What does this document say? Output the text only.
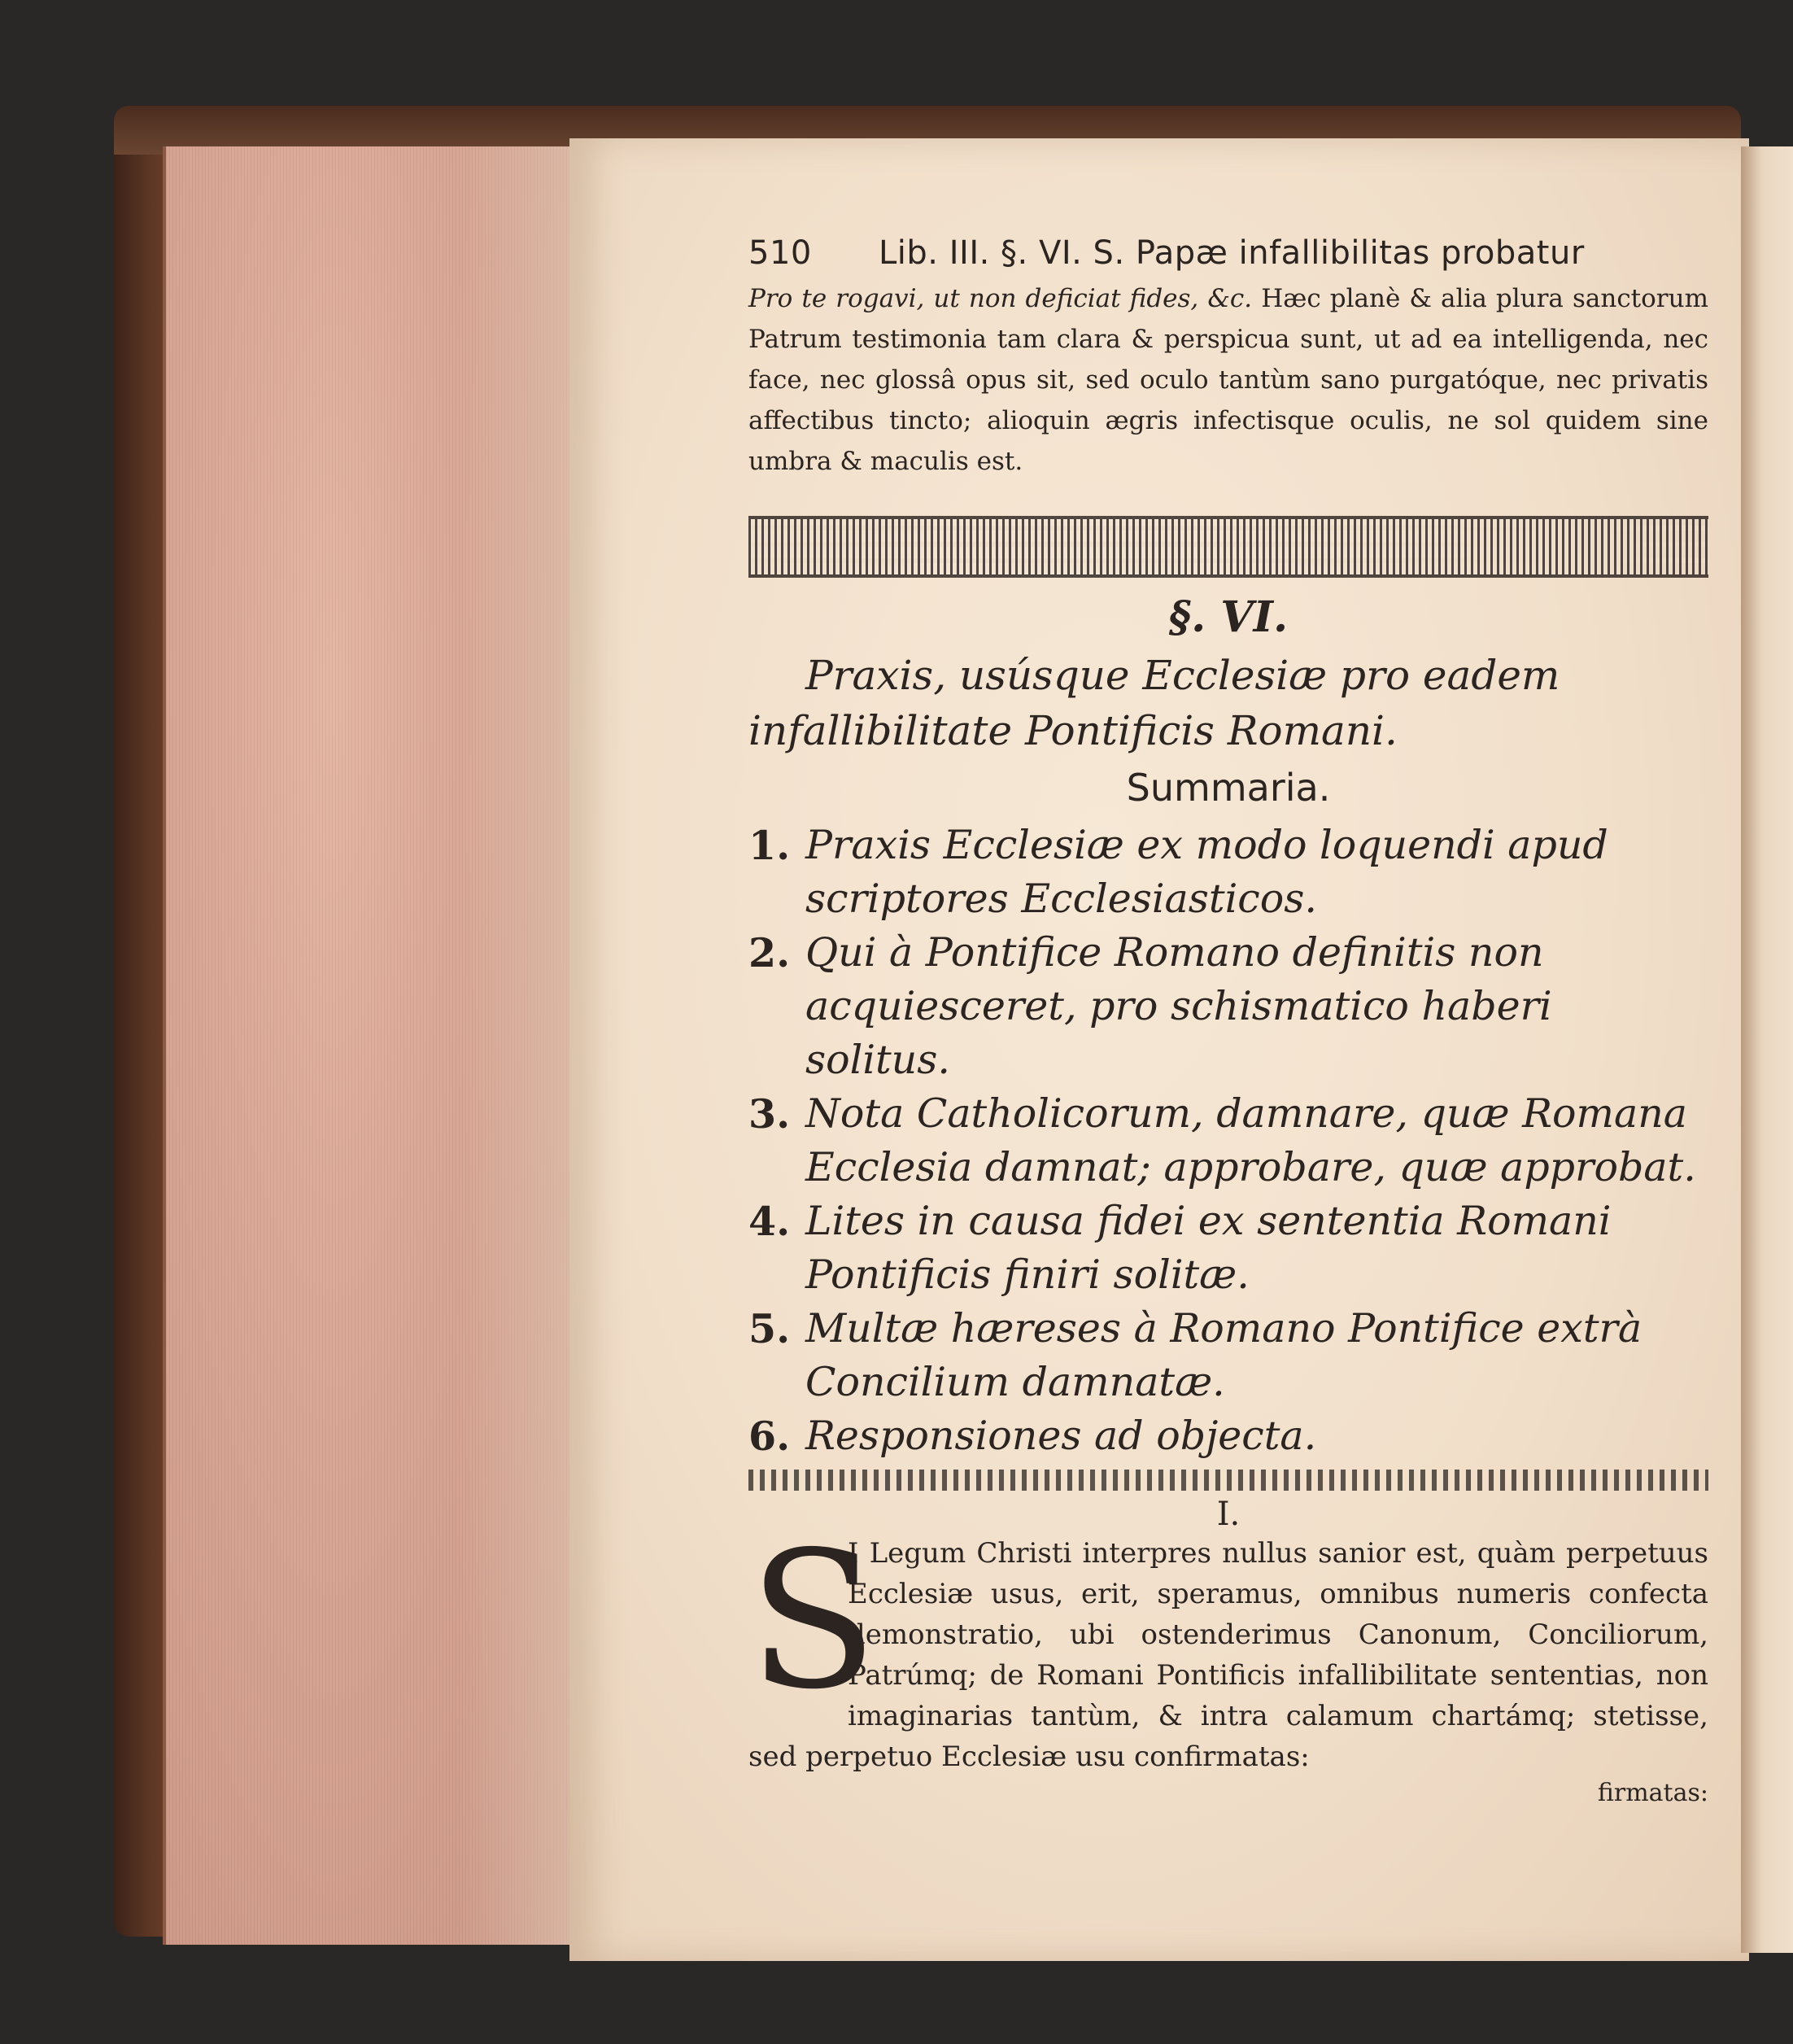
510	Lib. III. §. VI. S. Papæ infallibilitas probatur

Pro te rogavi, ut non deficiat fides, &c. Hæc planè & alia plura sanctorum Patrum testimonia tam clara & perspicua sunt, ut ad ea intelligenda, nec face, nec glossâ opus sit, sed oculo tantùm sano purgatóque, nec privatis affectibus tincto; alioquin ægris infectisque oculis, ne sol quidem sine umbra & maculis est.

§. VI.

Praxis, usúsque Ecclesiæ pro eadem infallibilitate Pontificis Romani.

Summaria.
1. Praxis Ecclesiæ ex modo loquendi apud scriptores Ecclesiasticos.
2. Qui à Pontifice Romano definitis non acquiesceret, pro schismatico haberi solitus.
3. Nota Catholicorum, damnare, quæ Romana Ecclesia damnat; approbare, quæ approbat.
4. Lites in causa fidei ex sententia Romani Pontificis finiri solitæ.
5. Multæ hæreses à Romano Pontifice extrà Concilium damnatæ.
6. Responsiones ad objecta.

I.

S

I Legum Christi interpres nullus sanior est, quàm perpetuus Ecclesiæ usus, erit, speramus, omnibus numeris confecta demonstratio, ubi ostenderimus Canonum, Conciliorum, Patrúmq; de Romani Pontificis infallibilitate sententias, non imaginarias tantùm, & intra calamum chartámq; stetisse, sed perpetuo Ecclesiæ usu confirmatas:

firmatas:
